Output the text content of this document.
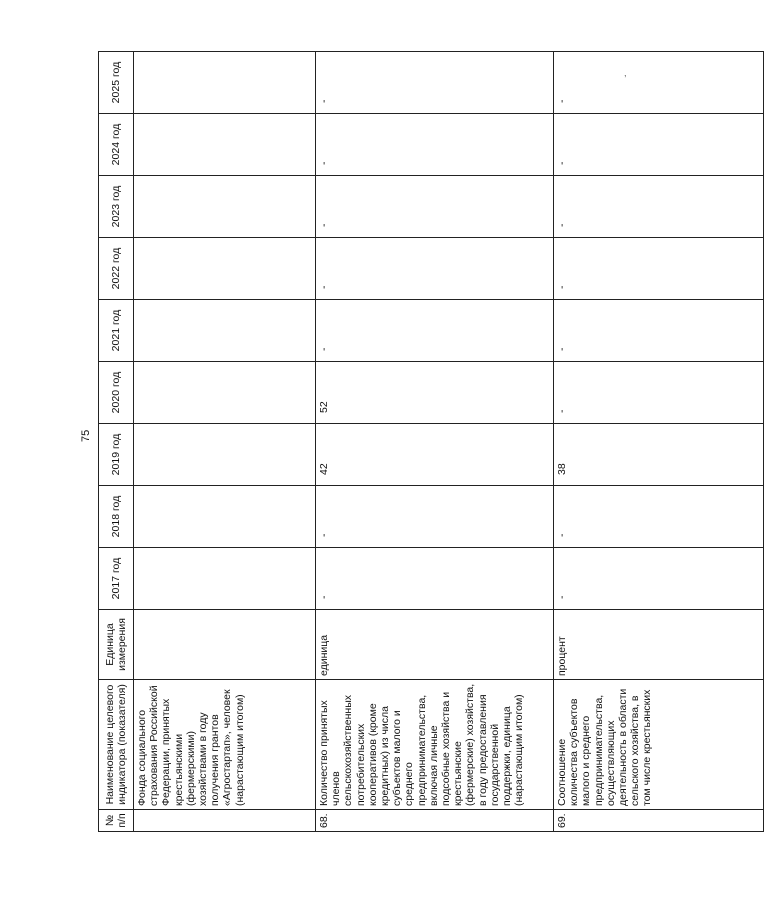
75
,
№ п/п	Наименование целевого индикатора (показателя)	Единица измерения	2017 год	2018 год	2019 год	2020 год	2021 год	2022 год	2023 год	2024 год	2025 год
	Фонда социального страхования Российской Федерации, принятых крестьянскими (фермерскими) хозяйствами в году получения грантов «Агростартап», человек (нарастающим итогом)										
68.	Количество принятых членов сельскохозяйственных потребительских кооперативов (кроме кредитных) из числа субъектов малого и среднего предпринимательства, включая личные подсобные хозяйства и крестьянские (фермерские) хозяйства, в году предоставления государственной поддержки, единица (нарастающим итогом)	единица	-	-	42	52	-	-	-	-	-
69.	Соотношение количества субъектов малого и среднего предпринимательства, осуществляющих деятельность в области сельского хозяйства, в том числе крестьянских	процент	-	-	38	-	-	-	-	-	-
